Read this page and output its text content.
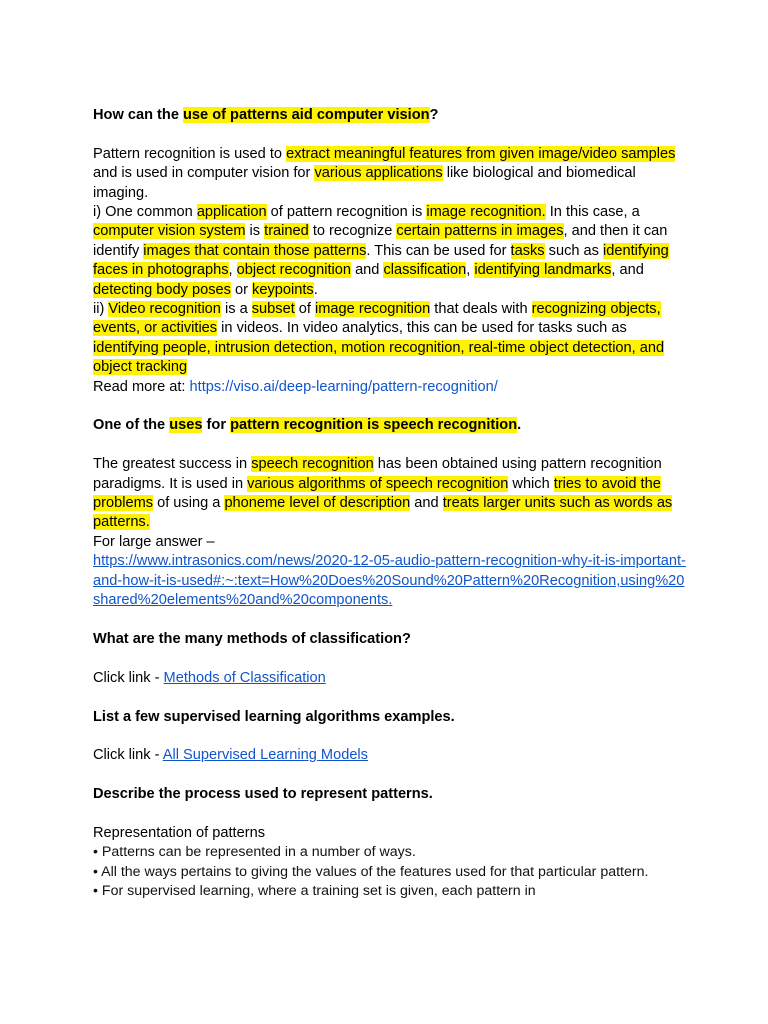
How can the use of patterns aid computer vision?

Pattern recognition is used to extract meaningful features from given image/video samples and is used in computer vision for various applications like biological and biomedical imaging.

i) One common application of pattern recognition is image recognition. In this case, a computer vision system is trained to recognize certain patterns in images, and then it can identify images that contain those patterns. This can be used for tasks such as identifying faces in photographs, object recognition and classification, identifying landmarks, and detecting body poses or keypoints.

ii) Video recognition is a subset of image recognition that deals with recognizing objects, events, or activities in videos. In video analytics, this can be used for tasks such as identifying people, intrusion detection, motion recognition, real-time object detection, and object tracking

Read more at: https://viso.ai/deep-learning/pattern-recognition/

One of the uses for pattern recognition is speech recognition.

The greatest success in speech recognition has been obtained using pattern recognition paradigms. It is used in various algorithms of speech recognition which tries to avoid the problems of using a phoneme level of description and treats larger units such as words as patterns.

For large answer –

https://www.intrasonics.com/news/2020-12-05-audio-pattern-recognition-why-it-is-important-and-how-it-is-used#:~:text=How%20Does%20Sound%20Pattern%20Recognition,using%20shared%20elements%20and%20components.

What are the many methods of classification?

Click link - Methods of Classification

List a few supervised learning algorithms examples.

Click link - All Supervised Learning Models

Describe the process used to represent patterns.

Representation of patterns

• Patterns can be represented in a number of ways.

• All the ways pertains to giving the values of the features used for that particular pattern.

• For supervised learning, where a training set is given, each pattern in
